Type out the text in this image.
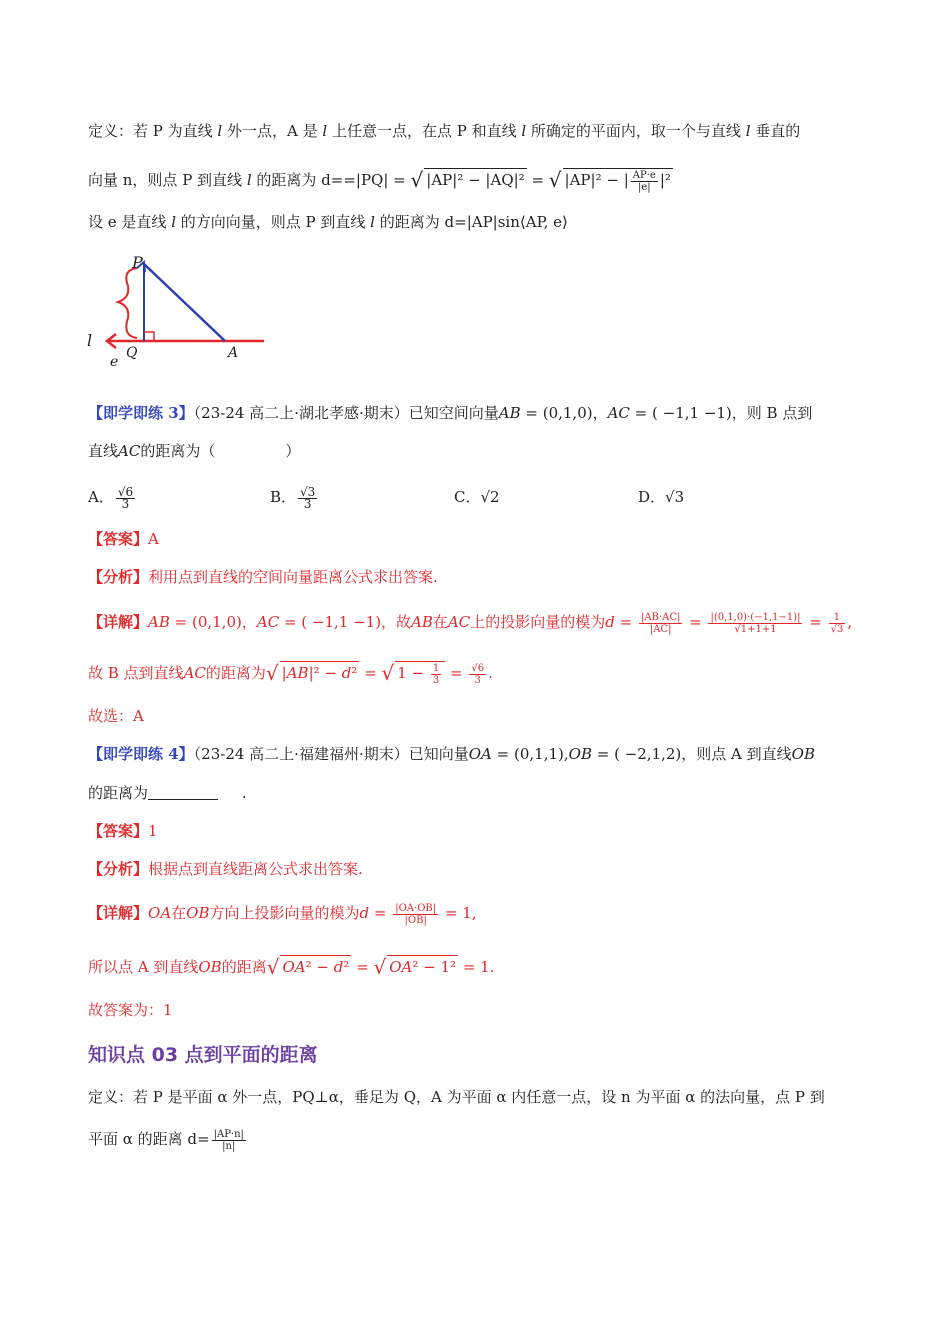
定义：若 P 为直线 l 外一点，A 是 l 上任意一点，在点 P 和直线 l 所确定的平面内，取一个与直线 l 垂直的
向量 n，则点 P 到直线 l 的距离为 d==|PQ| = √ |AP|² − |AQ|² = √ |AP|² − | $\frac{AP\cdot e}{|e|} |^2$
设 e 是直线 l 的方向向量，则点 P 到直线 l 的距离为 d=|AP|sin⟨AP, e⟩
P
Q	A
l
e
【即学即练 3】（23-24 高二上·湖北孝感·期末）已知空间向量AB = (0,1,0)，AC = ( −1,1 −1)，则 B 点到
直线AC的距离为（	）
A． $\frac{√6}{3}$	B． $\frac{√3}{3}$	C．√2	D．√3
【答案】A
【分析】利用点到直线的空间向量距离公式求出答案.
【详解】AB = (0,1,0)，AC = ( −1,1 −1)，故AB在AC上的投影向量的模为$d = \frac{|AB\cdot AC|}{|AC|} = \frac{|(0,1,0)\cdot(-1,1-1)|}{√1+1+1} = \frac{1}{√3}$ ,
故 B 点到直线AC的距离为√ |AB|² − d² = √ $1 - \frac{1}{3} = \frac{√6}{3}$ .
故选：A
【即学即练 4】（23-24 高二上·福建福州·期末）已知向量OA = (0,1,1),OB = ( −2,1,2)，则点 A 到直线OB
的距离为	.
【答案】1
【分析】根据点到直线距离公式求出答案.
【详解】OA在OB方向上投影向量的模为$d = \frac{|OA\cdot OB|}{|OB|} = 1$,
所以点 A 到直线OB的距离√ OA² − d² = √ OA² − 1² = 1.
故答案为：1
知识点 03 点到平面的距离
定义：若 P 是平面 α 外一点，PQ⊥α，垂足为 Q，A 为平面 α 内任意一点，设 n 为平面 α 的法向量，点 P 到
平面 α 的距离 $d= \frac{|AP\cdot n|}{|n|}$
